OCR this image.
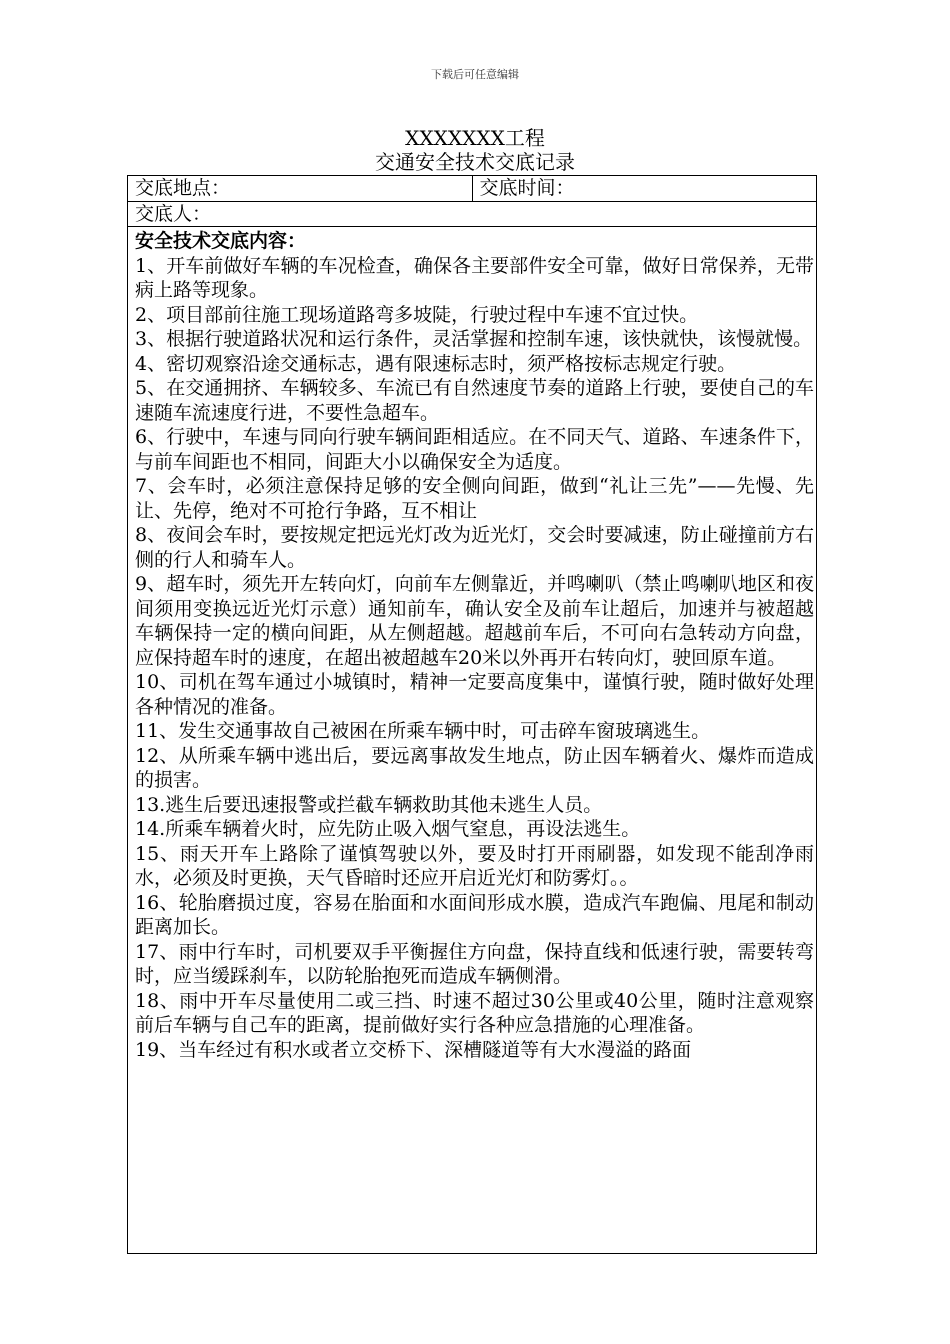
下载后可任意编辑
XXXXXXX工程
交通安全技术交底记录
交底地点：	交底时间：
交底人：

安全技术交底内容：
1、开车前做好车辆的车况检查，确保各主要部件安全可靠，做好日常保养，无带病上路等现象。
2、项目部前往施工现场道路弯多坡陡，行驶过程中车速不宜过快。
3、根据行驶道路状况和运行条件，灵活掌握和控制车速，该快就快，该慢就慢。
4、密切观察沿途交通标志，遇有限速标志时，须严格按标志规定行驶。
5、在交通拥挤、车辆较多、车流已有自然速度节奏的道路上行驶，要使自己的车速随车流速度行进，不要性急超车。
6、行驶中，车速与同向行驶车辆间距相适应。在不同天气、道路、车速条件下，与前车间距也不相同，间距大小以确保安全为适度。
7、会车时，必须注意保持足够的安全侧向间距，做到“礼让三先”——先慢、先让、先停，绝对不可抢行争路，互不相让
8、夜间会车时，要按规定把远光灯改为近光灯，交会时要减速，防止碰撞前方右侧的行人和骑车人。
9、超车时，须先开左转向灯，向前车左侧靠近，并鸣喇叭（禁止鸣喇叭地区和夜间须用变换远近光灯示意）通知前车，确认安全及前车让超后，加速并与被超越车辆保持一定的横向间距，从左侧超越。超越前车后，不可向右急转动方向盘，应保持超车时的速度，在超出被超越车20米以外再开右转向灯，驶回原车道。
10、司机在驾车通过小城镇时，精神一定要高度集中，谨慎行驶，随时做好处理各种情况的准备。
11、发生交通事故自己被困在所乘车辆中时，可击碎车窗玻璃逃生。
12、从所乘车辆中逃出后，要远离事故发生地点，防止因车辆着火、爆炸而造成的损害。
13.逃生后要迅速报警或拦截车辆救助其他未逃生人员。
14.所乘车辆着火时，应先防止吸入烟气窒息，再设法逃生。
15、雨天开车上路除了谨慎驾驶以外，要及时打开雨刷器，如发现不能刮净雨水，必须及时更换，天气昏暗时还应开启近光灯和防雾灯。。
16、轮胎磨损过度，容易在胎面和水面间形成水膜，造成汽车跑偏、甩尾和制动距离加长。
17、雨中行车时，司机要双手平衡握住方向盘，保持直线和低速行驶，需要转弯时，应当缓踩刹车，以防轮胎抱死而造成车辆侧滑。
18、雨中开车尽量使用二或三挡、时速不超过30公里或40公里，随时注意观察前后车辆与自己车的距离，提前做好实行各种应急措施的心理准备。
19、当车经过有积水或者立交桥下、深槽隧道等有大水漫溢的路面
